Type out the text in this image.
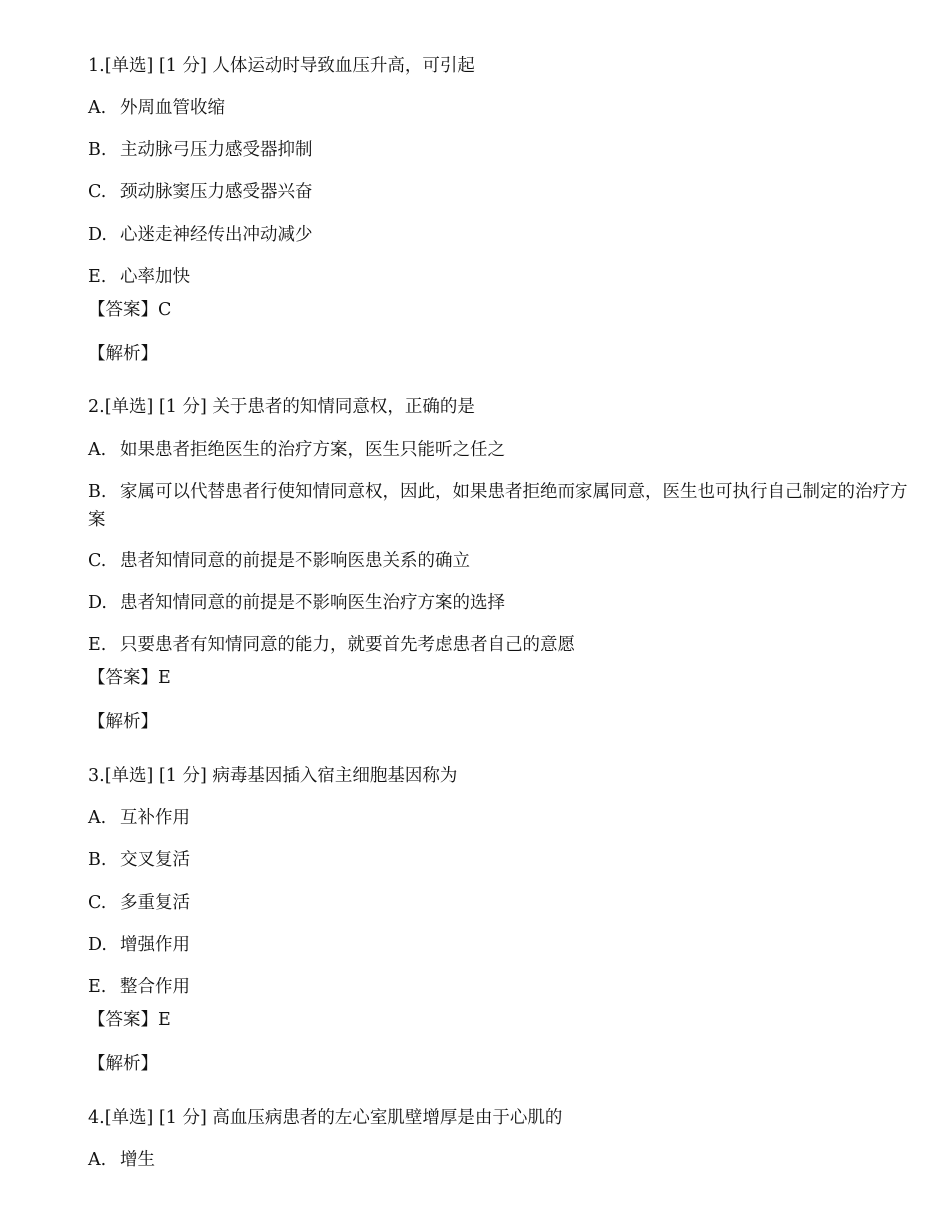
1.[单选] [1 分] 人体运动时导致血压升高，可引起
A. 外周血管收缩
B. 主动脉弓压力感受器抑制
C. 颈动脉窦压力感受器兴奋
D. 心迷走神经传出冲动减少
E. 心率加快
【答案】C
【解析】
2.[单选] [1 分] 关于患者的知情同意权，正确的是
A. 如果患者拒绝医生的治疗方案，医生只能听之任之
B. 家属可以代替患者行使知情同意权，因此，如果患者拒绝而家属同意，医生也可执行自己制定的治疗方案
C. 患者知情同意的前提是不影响医患关系的确立
D. 患者知情同意的前提是不影响医生治疗方案的选择
E. 只要患者有知情同意的能力，就要首先考虑患者自己的意愿
【答案】E
【解析】
3.[单选] [1 分] 病毒基因插入宿主细胞基因称为
A. 互补作用
B. 交叉复活
C. 多重复活
D. 增强作用
E. 整合作用
【答案】E
【解析】
4.[单选] [1 分] 高血压病患者的左心室肌壁增厚是由于心肌的
A. 增生
